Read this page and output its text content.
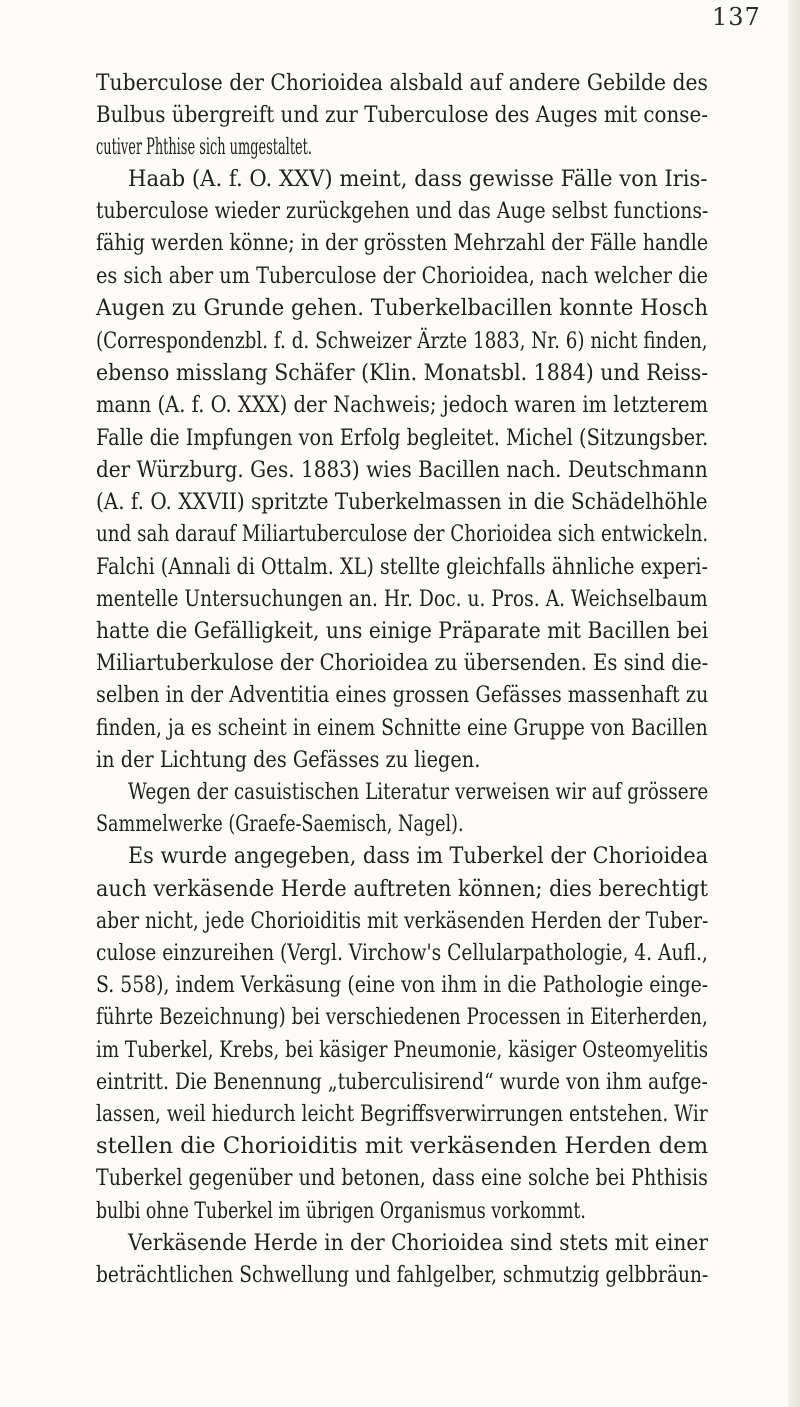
137
Tuberculose der Chorioidea alsbald auf andere Gebilde des
Bulbus übergreift und zur Tuberculose des Auges mit conse-
cutiver Phthise sich umgestaltet.
Haab (A. f. O. XXV) meint, dass gewisse Fälle von Iris-
tuberculose wieder zurückgehen und das Auge selbst functions-
fähig werden könne; in der grössten Mehrzahl der Fälle handle
es sich aber um Tuberculose der Chorioidea, nach welcher die
Augen zu Grunde gehen. Tuberkelbacillen konnte Hosch
(Correspondenzbl. f. d. Schweizer Ärzte 1883, Nr. 6) nicht finden,
ebenso misslang Schäfer (Klin. Monatsbl. 1884) und Reiss-
mann (A. f. O. XXX) der Nachweis; jedoch waren im letzterem
Falle die Impfungen von Erfolg begleitet. Michel (Sitzungsber.
der Würzburg. Ges. 1883) wies Bacillen nach. Deutschmann
(A. f. O. XXVII) spritzte Tuberkelmassen in die Schädelhöhle
und sah darauf Miliartuberculose der Chorioidea sich entwickeln.
Falchi (Annali di Ottalm. XL) stellte gleichfalls ähnliche experi-
mentelle Untersuchungen an. Hr. Doc. u. Pros. A. Weichselbaum
hatte die Gefälligkeit, uns einige Präparate mit Bacillen bei
Miliartuberkulose der Chorioidea zu übersenden. Es sind die-
selben in der Adventitia eines grossen Gefässes massenhaft zu
finden, ja es scheint in einem Schnitte eine Gruppe von Bacillen
in der Lichtung des Gefässes zu liegen.
Wegen der casuistischen Literatur verweisen wir auf grössere
Sammelwerke (Graefe-Saemisch, Nagel).
Es wurde angegeben, dass im Tuberkel der Chorioidea
auch verkäsende Herde auftreten können; dies berechtigt
aber nicht, jede Chorioiditis mit verkäsenden Herden der Tuber-
culose einzureihen (Vergl. Virchow's Cellularpathologie, 4. Aufl.,
S. 558), indem Verkäsung (eine von ihm in die Pathologie einge-
führte Bezeichnung) bei verschiedenen Processen in Eiterherden,
im Tuberkel, Krebs, bei käsiger Pneumonie, käsiger Osteomyelitis
eintritt. Die Benennung „tuberculisirend“ wurde von ihm aufge-
lassen, weil hiedurch leicht Begriffsverwirrungen entstehen. Wir
stellen die Chorioiditis mit verkäsenden Herden dem
Tuberkel gegenüber und betonen, dass eine solche bei Phthisis
bulbi ohne Tuberkel im übrigen Organismus vorkommt.
Verkäsende Herde in der Chorioidea sind stets mit einer
beträchtlichen Schwellung und fahlgelber, schmutzig gelbbräun-
